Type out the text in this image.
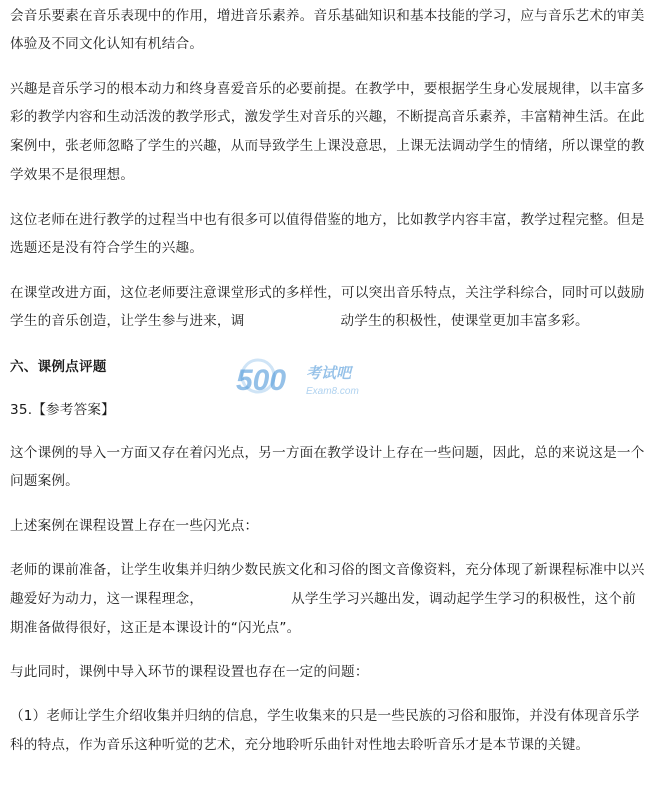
会音乐要素在音乐表现中的作用，增进音乐素养。音乐基础知识和基本技能的学习，应与音乐艺术的审美
体验及不同文化认知有机结合。
兴趣是音乐学习的根本动力和终身喜爱音乐的必要前提。在教学中，要根据学生身心发展规律，以丰富多
彩的教学内容和生动活泼的教学形式，激发学生对音乐的兴趣，不断提高音乐素养，丰富精神生活。在此
案例中，张老师忽略了学生的兴趣，从而导致学生上课没意思，上课无法调动学生的情绪，所以课堂的教
学效果不是很理想。
这位老师在进行教学的过程当中也有很多可以值得借鉴的地方，比如教学内容丰富，教学过程完整。但是
选题还是没有符合学生的兴趣。
在课堂改进方面，这位老师要注意课堂形式的多样性，可以突出音乐特点，关注学科综合，同时可以鼓励
学生的音乐创造，让学生参与进来，调	动学生的积极性，使课堂更加丰富多彩。
六、课例点评题
35.【参考答案】
这个课例的导入一方面又存在着闪光点，另一方面在教学设计上存在一些问题，因此，总的来说这是一个
问题案例。
上述案例在课程设置上存在一些闪光点：
老师的课前准备，让学生收集并归纳少数民族文化和习俗的图文音像资料，充分体现了新课程标准中以兴
趣爱好为动力，这一课程理念，	从学生学习兴趣出发，调动起学生学习的积极性，这个前
期准备做得很好，这正是本课设计的“闪光点”。
与此同时，课例中导入环节的课程设置也存在一定的问题：
（1）老师让学生介绍收集并归纳的信息，学生收集来的只是一些民族的习俗和服饰，并没有体现音乐学
科的特点，作为音乐这种听觉的艺术，充分地聆听乐曲针对性地去聆听音乐才是本节课的关键。
500 考试吧
Exam8.com
